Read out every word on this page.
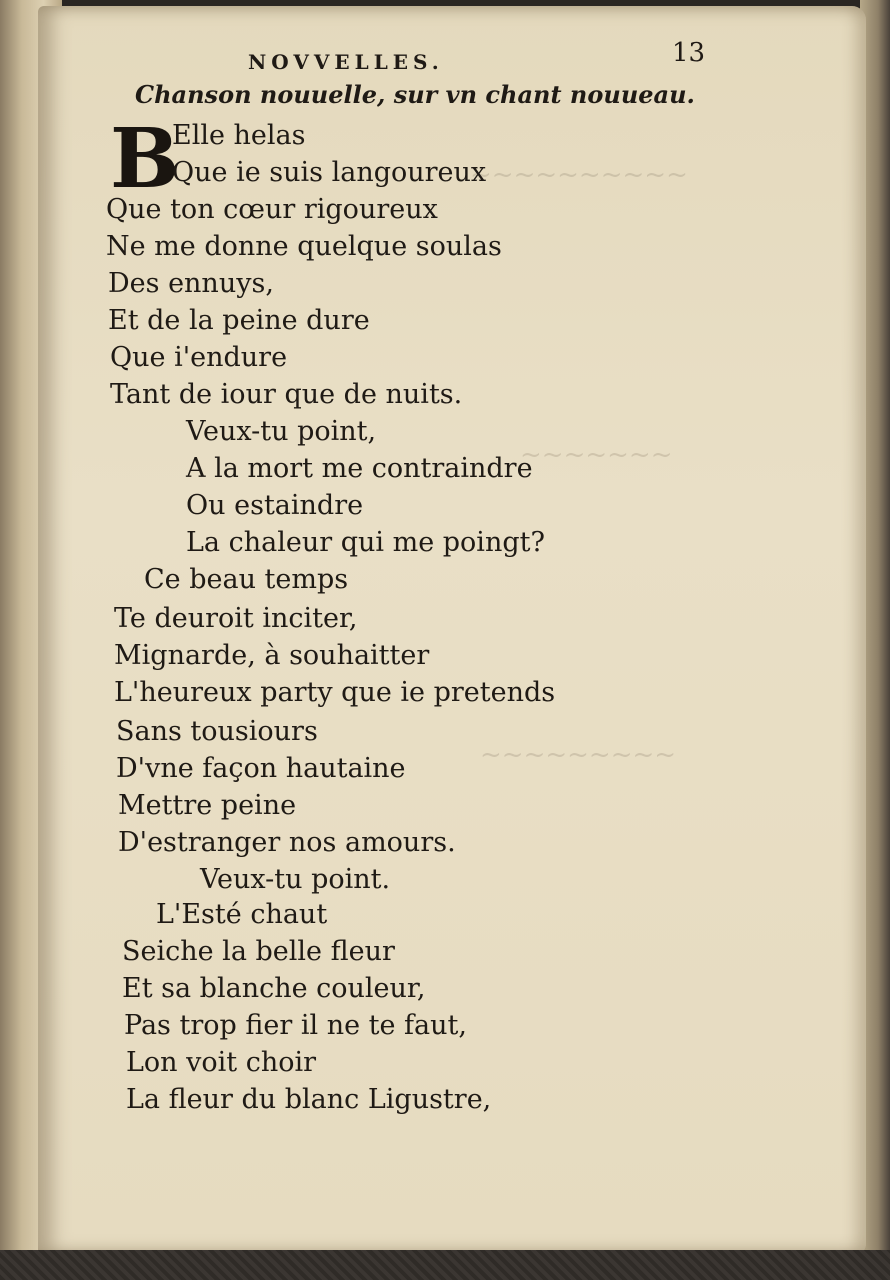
~~~~~~~~~~
~~~~~~~
~~~~~~~~~
NOVVELLES.	13
Chanson nouuelle, sur vn chant nouueau.
B
Elle helas
Que ie suis langoureux
Que ton cœur rigoureux
Ne me donne quelque soulas
Des ennuys,
Et de la peine dure
Que i'endure
Tant de iour que de nuits.
Veux-tu point,
A la mort me contraindre
Ou estaindre
La chaleur qui me poingt?
Ce beau temps
Te deuroit inciter,
Mignarde, à souhaitter
L'heureux party que ie pretends
Sans tousiours
D'vne façon hautaine
Mettre peine
D'estranger nos amours.
Veux-tu point.
L'Esté chaut
Seiche la belle fleur
Et sa blanche couleur,
Pas trop fier il ne te faut,
Lon voit choir
La fleur du blanc Ligustre,
